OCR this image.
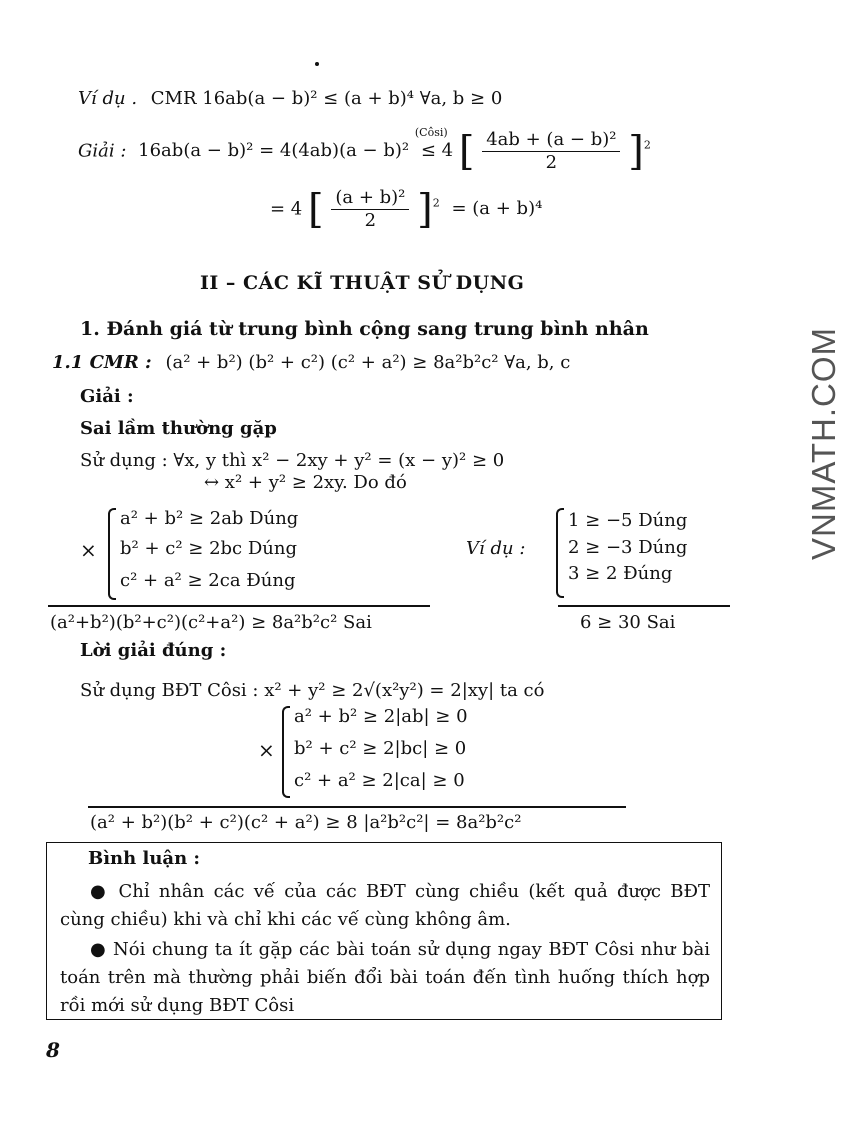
Ví dụ . CMR 16ab(a − b)² ≤ (a + b)⁴ ∀a, b ≥ 0
Giải : 16ab(a − b)² = 4(4ab)(a − b)²
(Côsi)
≤ 4 [ $\frac{\text{4ab + (a − b)²}}{2} ]^2$
= 4 [ $\frac{\text{(a + b)²}}{2} ]^2 = (a + b)^4$
II – CÁC KĨ THUẬT SỬ DỤNG
1. Đánh giá từ trung bình cộng sang trung bình nhân
1.1 CMR : (a² + b²) (b² + c²) (c² + a²) ≥ 8a²b²c² ∀a, b, c
Giải :
Sai lầm thường gặp
Sử dụng : ∀x, y thì x² − 2xy + y² = (x − y)² ≥ 0
↔ x² + y² ≥ 2xy. Do đó
×
a² + b² ≥ 2ab Dúng
b² + c² ≥ 2bc Dúng
c² + a² ≥ 2ca Đúng
Ví dụ :
1 ≥ −5 Dúng
2 ≥ −3 Dúng
3 ≥ 2 Đúng
(a²+b²)(b²+c²)(c²+a²) ≥ 8a²b²c² Sai	6 ≥ 30 Sai
Lời giải đúng :
Sử dụng BĐT Côsi : x² + y² ≥ 2√(x²y²) = 2|xy| ta có
×
a² + b² ≥ 2|ab| ≥ 0
b² + c² ≥ 2|bc| ≥ 0
c² + a² ≥ 2|ca| ≥ 0
(a² + b²)(b² + c²)(c² + a²) ≥ 8 |a²b²c²| = 8a²b²c²
Bình luận :
● Chỉ nhân các vế của các BĐT cùng chiều (kết quả được BĐT cùng chiều) khi và chỉ khi các vế cùng không âm.
● Nói chung ta ít gặp các bài toán sử dụng ngay BĐT Côsi như bài toán trên mà thường phải biến đổi bài toán đến tình huống thích hợp rồi mới sử dụng BĐT Côsi
8
VNMATH.COM
